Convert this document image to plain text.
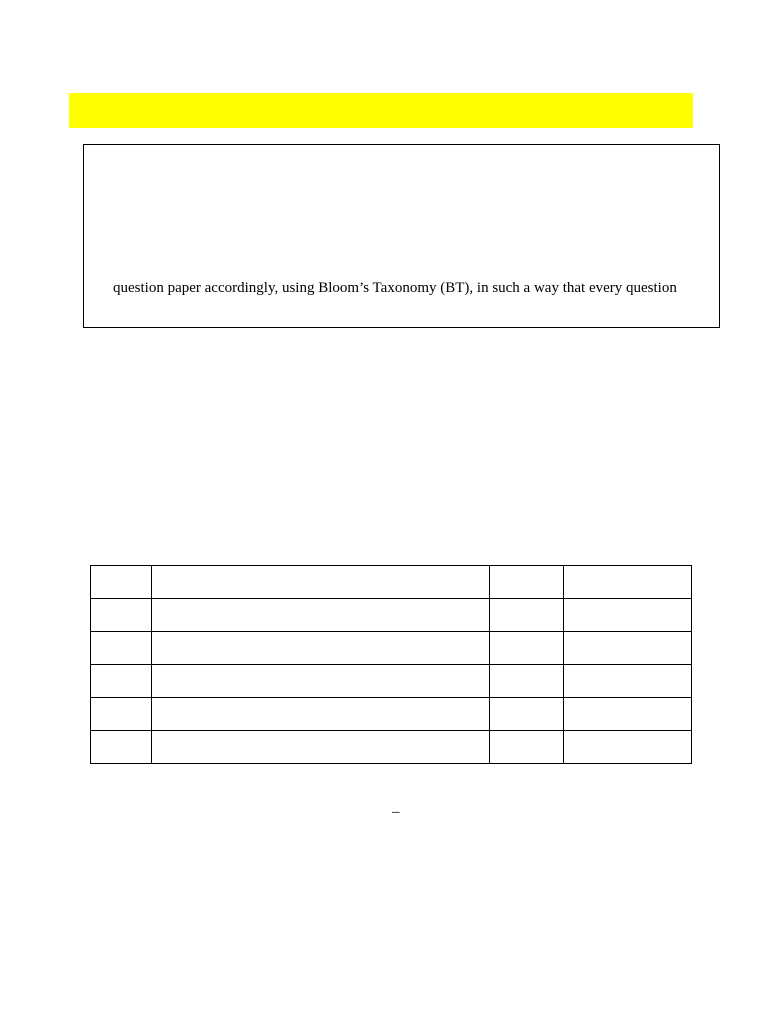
question paper accordingly, using Bloom’s Taxonomy (BT), in such a way that every question

–
